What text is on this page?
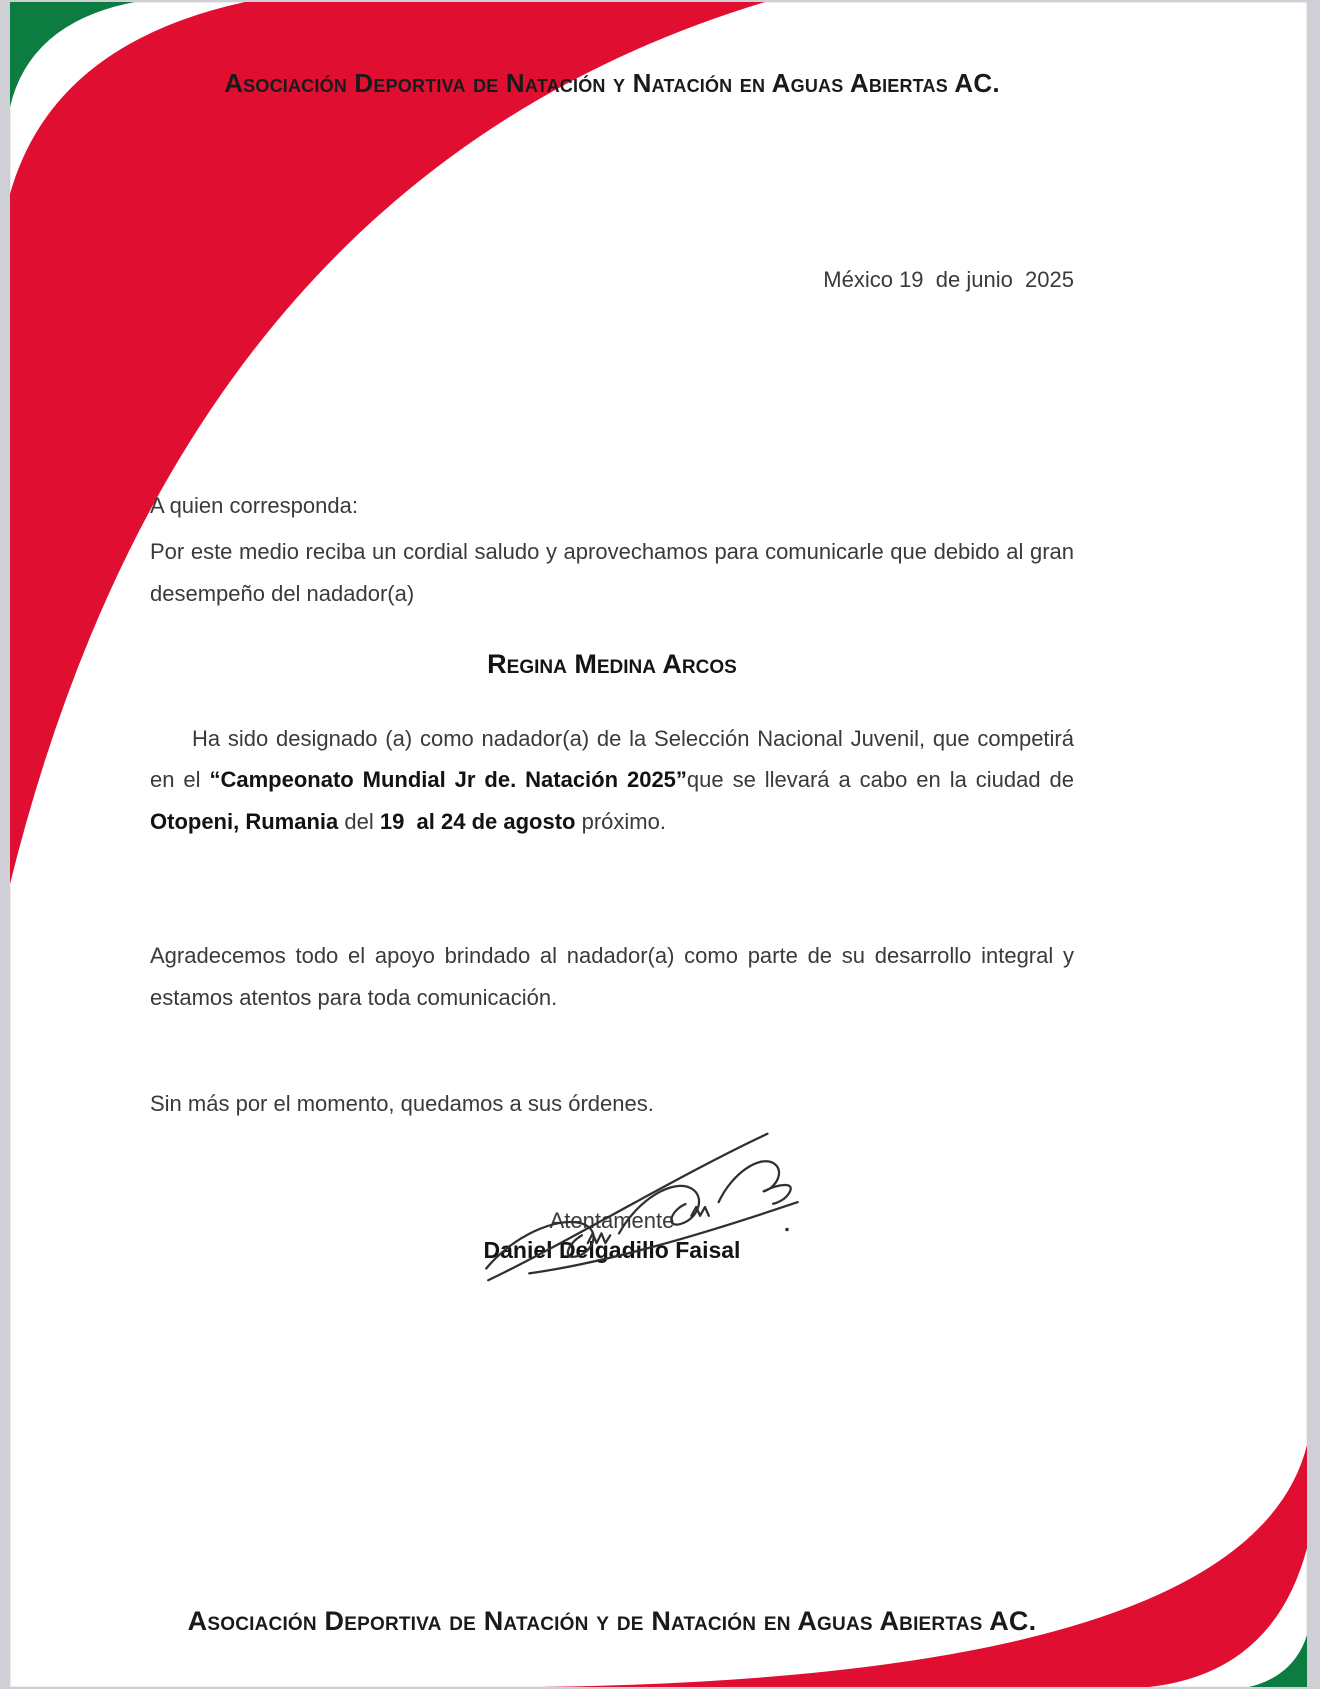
Asociación Deportiva de Natación y Natación en Aguas Abiertas AC.
México 19  de junio  2025
A quien corresponda:

Por este medio reciba un cordial saludo y aprovechamos para comunicarle que debido al gran desempeño del nadador(a)

Regina Medina Arcos

Ha sido designado (a) como nadador(a) de la Selección Nacional Juvenil, que competirá en el “Campeonato Mundial Jr de. Natación 2025”que se llevará a cabo en la ciudad de Otopeni, Rumania del 19  al 24 de agosto próximo.

Agradecemos todo el apoyo brindado al nadador(a) como parte de su desarrollo integral y estamos atentos para toda comunicación.

Sin más por el momento, quedamos a sus órdenes.

Atentamente
Daniel Delgadillo Faisal
Asociación Deportiva de Natación y de Natación en Aguas Abiertas AC.
